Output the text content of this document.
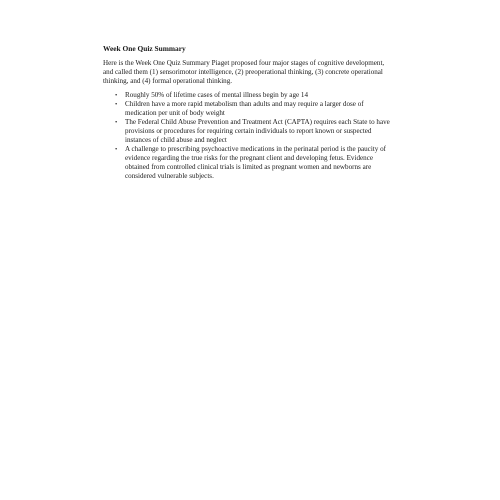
Week One Quiz Summary
Here is the Week One Quiz Summary Piaget proposed four major stages of cognitive development, and called them (1) sensorimotor intelligence, (2) preoperational thinking, (3) concrete operational thinking, and (4) formal operational thinking.
• Roughly 50% of lifetime cases of mental illness begin by age 14
• Children have a more rapid metabolism than adults and may require a larger dose of medication per unit of body weight
• The Federal Child Abuse Prevention and Treatment Act (CAPTA) requires each State to have provisions or procedures for requiring certain individuals to report known or suspected instances of child abuse and neglect
• A challenge to prescribing psychoactive medications in the perinatal period is the paucity of evidence regarding the true risks for the pregnant client and developing fetus. Evidence obtained from controlled clinical trials is limited as pregnant women and newborns are considered vulnerable subjects.
